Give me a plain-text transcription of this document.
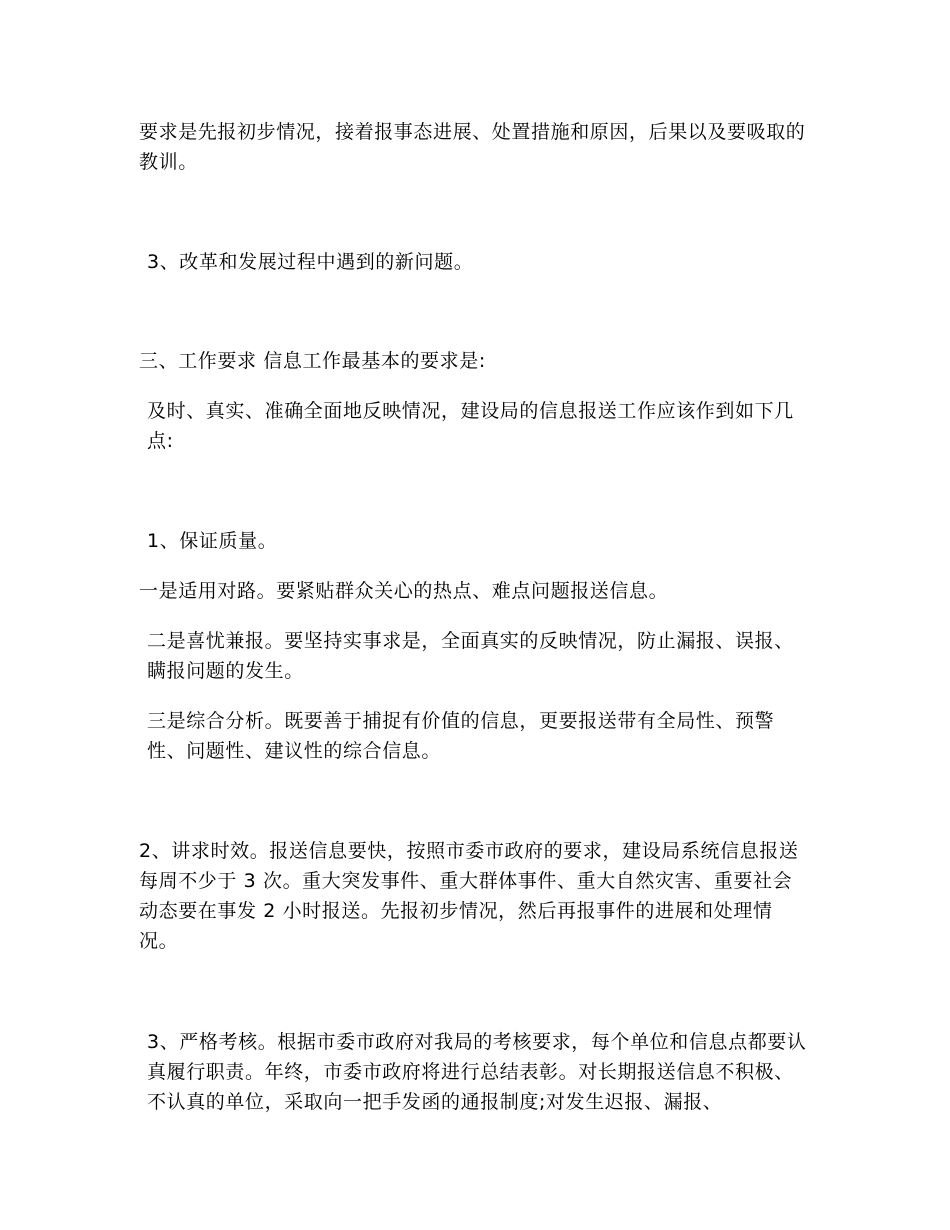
要求是先报初步情况，接着报事态进展、处置措施和原因，后果以及要吸取的教训。

3、改革和发展过程中遇到的新问题。

三、工作要求 信息工作最基本的要求是:

及时、真实、准确全面地反映情况，建设局的信息报送工作应该作到如下几点:

1、保证质量。

一是适用对路。要紧贴群众关心的热点、难点问题报送信息。

二是喜忧兼报。要坚持实事求是，全面真实的反映情况，防止漏报、误报、瞒报问题的发生。

三是综合分析。既要善于捕捉有价值的信息，更要报送带有全局性、预警性、问题性、建议性的综合信息。

2、讲求时效。报送信息要快，按照市委市政府的要求，建设局系统信息报送每周不少于 3 次。重大突发事件、重大群体事件、重大自然灾害、重要社会动态要在事发 2 小时报送。先报初步情况，然后再报事件的进展和处理情况。

3、严格考核。根据市委市政府对我局的考核要求，每个单位和信息点都要认真履行职责。年终，市委市政府将进行总结表彰。对长期报送信息不积极、不认真的单位，采取向一把手发函的通报制度;对发生迟报、漏报、
